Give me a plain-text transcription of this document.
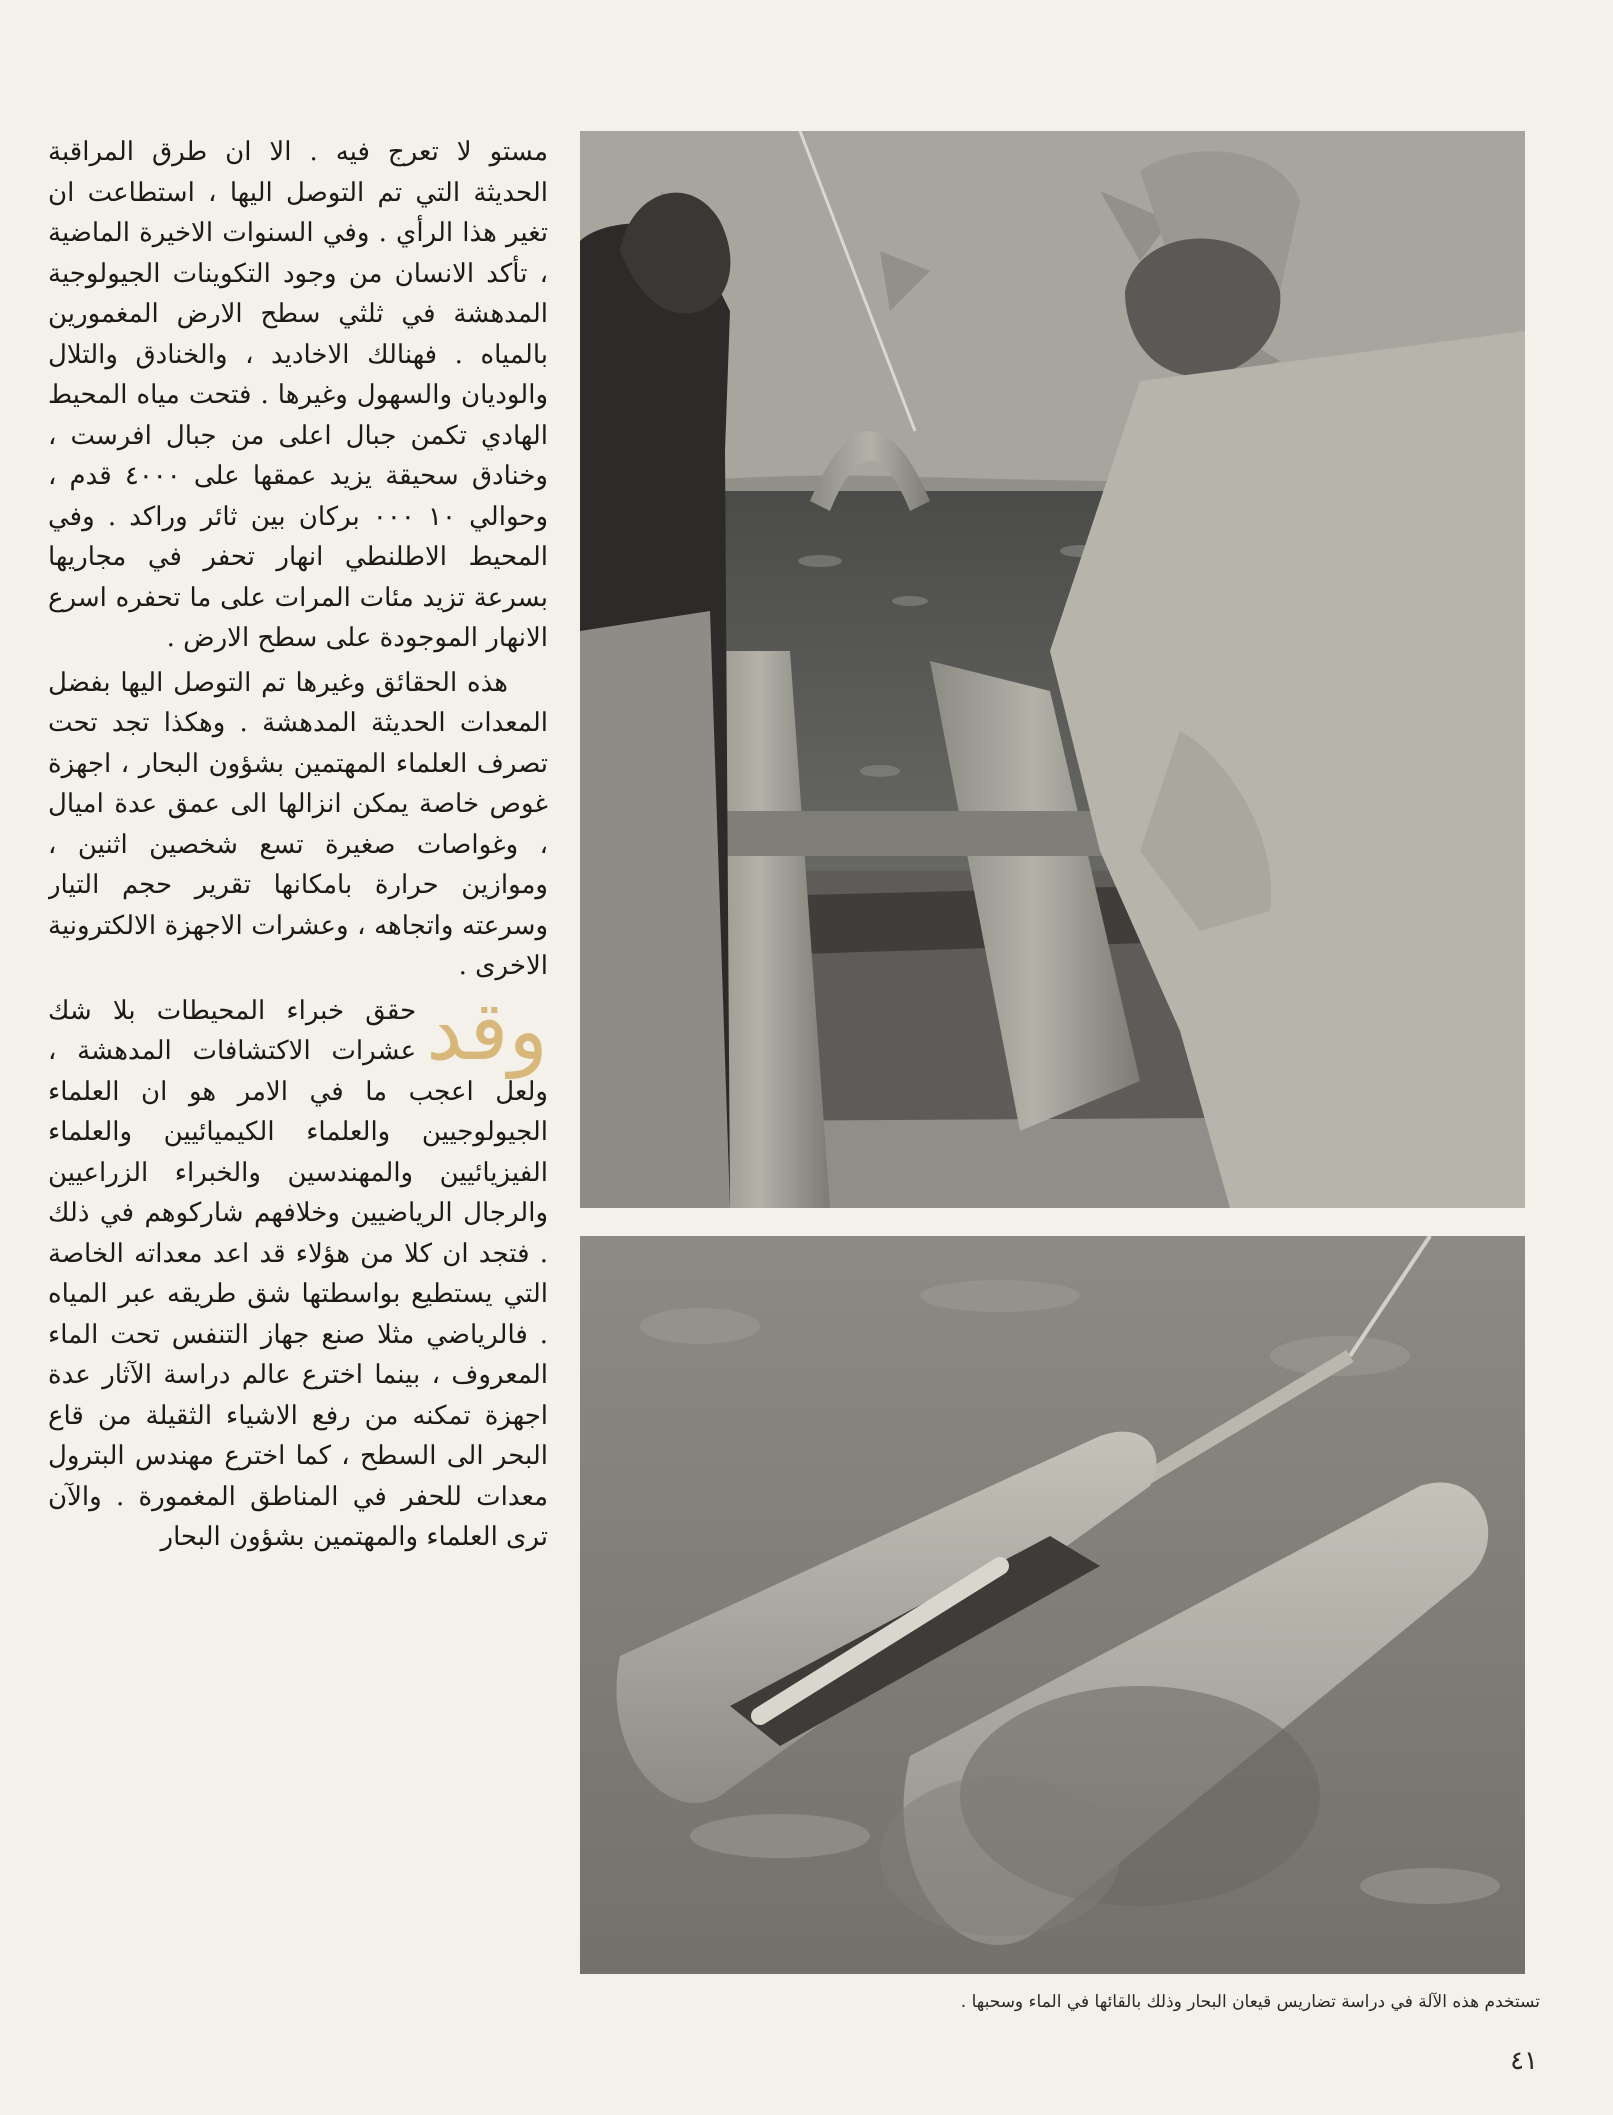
مستو لا تعرج فيه . الا ان طرق المراقبة الحديثة التي تم التوصل اليها ، استطاعت ان تغير هذا الرأي . وفي السنوات الاخيرة الماضية ، تأكد الانسان من وجود التكوينات الجيولوجية المدهشة في ثلثي سطح الارض المغمورين بالمياه . فهنالك الاخاديد ، والخنادق والتلال والوديان والسهول وغيرها . فتحت مياه المحيط الهادي تكمن جبال اعلى من جبال افرست ، وخنادق سحيقة يزيد عمقها على ٤٠٠٠ قدم ، وحوالي ١٠ ٠٠٠ بركان بين ثائر وراكد . وفي المحيط الاطلنطي انهار تحفر في مجاريها بسرعة تزيد مئات المرات على ما تحفره اسرع الانهار الموجودة على سطح الارض .

هذه الحقائق وغيرها تم التوصل اليها بفضل المعدات الحديثة المدهشة . وهكذا تجد تحت تصرف العلماء المهتمين بشؤون البحار ، اجهزة غوص خاصة يمكن انزالها الى عمق عدة اميال ، وغواصات صغيرة تسع شخصين اثنين ، وموازين حرارة بامكانها تقرير حجم التيار وسرعته واتجاهه ، وعشرات الاجهزة الالكترونية الاخرى .

وقد
حقق خبراء المحيطات بلا شك عشرات الاكتشافات المدهشة ، ولعل اعجب ما في الامر هو ان العلماء الجيولوجيين والعلماء الكيميائيين والعلماء الفيزيائيين والمهندسين والخبراء الزراعيين والرجال الرياضيين وخلافهم شاركوهم في ذلك . فتجد ان كلا من هؤلاء قد اعد معداته الخاصة التي يستطيع بواسطتها شق طريقه عبر المياه . فالرياضي مثلا صنع جهاز التنفس تحت الماء المعروف ، بينما اخترع عالم دراسة الآثار عدة اجهزة تمكنه من رفع الاشياء الثقيلة من قاع البحر الى السطح ، كما اخترع مهندس البترول معدات للحفر في المناطق المغمورة . والآن ترى العلماء والمهتمين بشؤون البحار

تستخدم هذه الآلة في دراسة تضاريس قيعان البحار وذلك بالقائها في الماء وسحبها .
٤١
